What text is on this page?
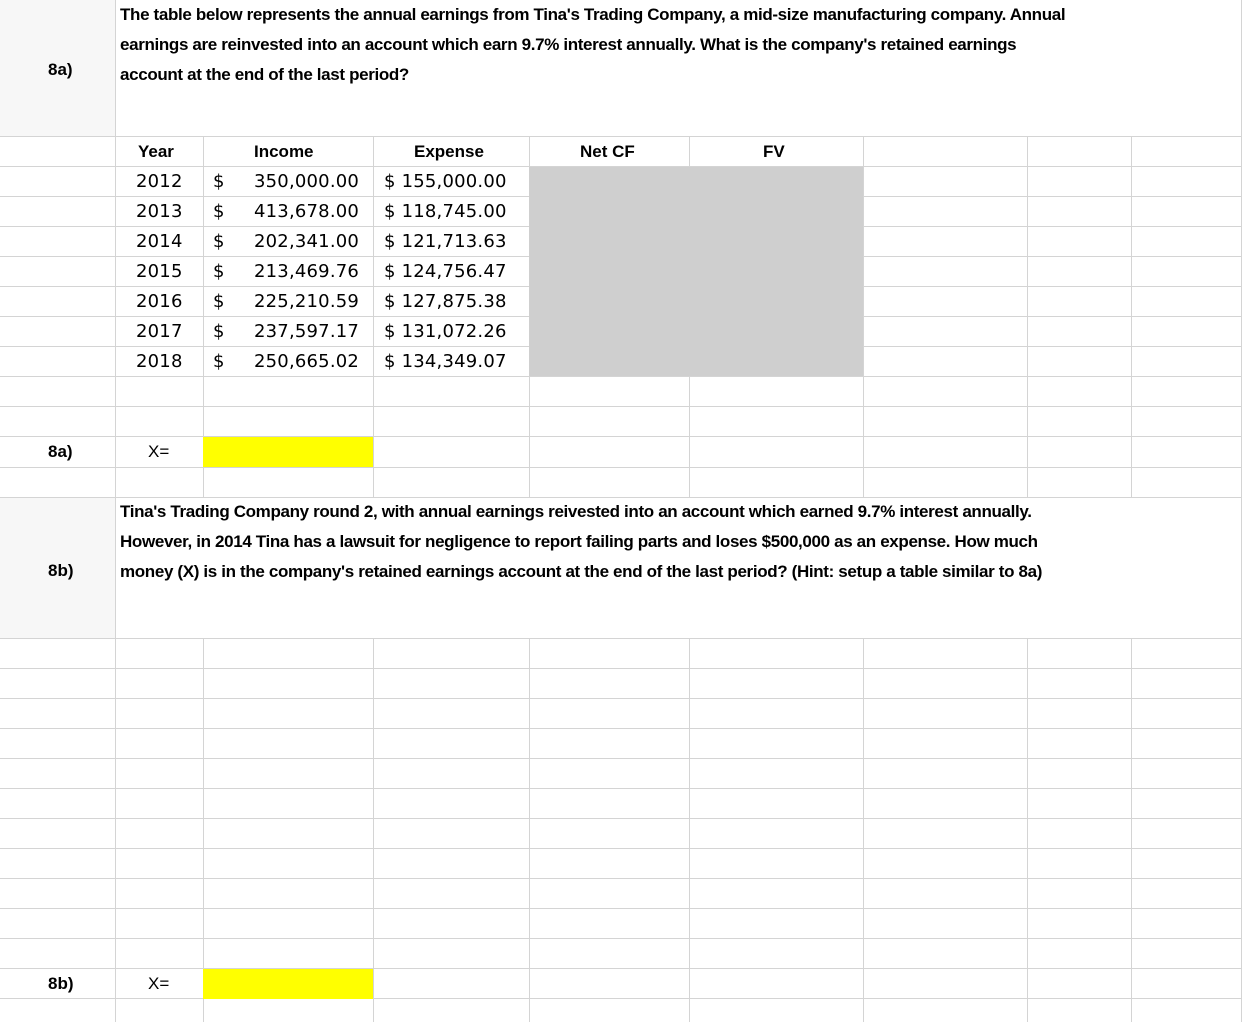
8a)
The table below represents the annual earnings from Tina's Trading Company, a mid-size manufacturing company. Annual
earnings are reinvested into an account which earn 9.7% interest annually. What is the company's retained earnings
account at the end of the last period?
Year	Income	Expense	Net CF	FV
2012 $ 350,000.00 $ 155,000.00
2013 $ 413,678.00 $ 118,745.00
2014 $ 202,341.00 $ 121,713.63
2015 $ 213,469.76 $ 124,756.47
2016 $ 225,210.59 $ 127,875.38
2017 $ 237,597.17 $ 131,072.26
2018 $ 250,665.02 $ 134,349.07
8a)	X=
8b)
Tina's Trading Company round 2, with annual earnings reivested into an account which earned 9.7% interest annually.
However, in 2014 Tina has a lawsuit for negligence to report failing parts and loses $500,000 as an expense. How much
money (X) is in the company's retained earnings account at the end of the last period? (Hint: setup a table similar to 8a)
8b)	X=
